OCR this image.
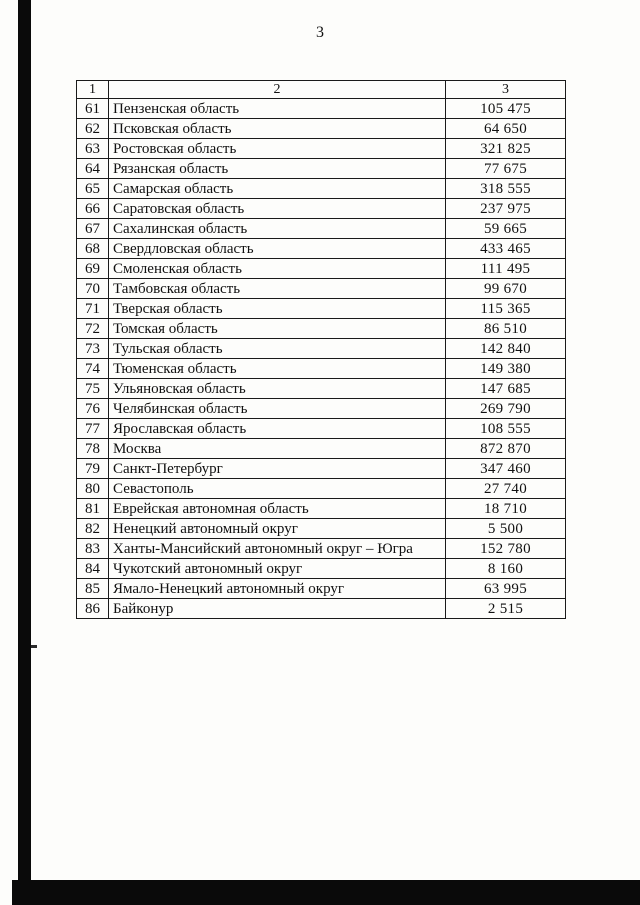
3
1	2	3
61	Пензенская область	105 475
62	Псковская область	64 650
63	Ростовская область	321 825
64	Рязанская область	77 675
65	Самарская область	318 555
66	Саратовская область	237 975
67	Сахалинская область	59 665
68	Свердловская область	433 465
69	Смоленская область	111 495
70	Тамбовская область	99 670
71	Тверская область	115 365
72	Томская область	86 510
73	Тульская область	142 840
74	Тюменская область	149 380
75	Ульяновская область	147 685
76	Челябинская область	269 790
77	Ярославская область	108 555
78	Москва	872 870
79	Санкт-Петербург	347 460
80	Севастополь	27 740
81	Еврейская автономная область	18 710
82	Ненецкий автономный округ	5 500
83	Ханты-Мансийский автономный округ – Югра	152 780
84	Чукотский автономный округ	8 160
85	Ямало-Ненецкий автономный округ	63 995
86	Байконур	2 515
